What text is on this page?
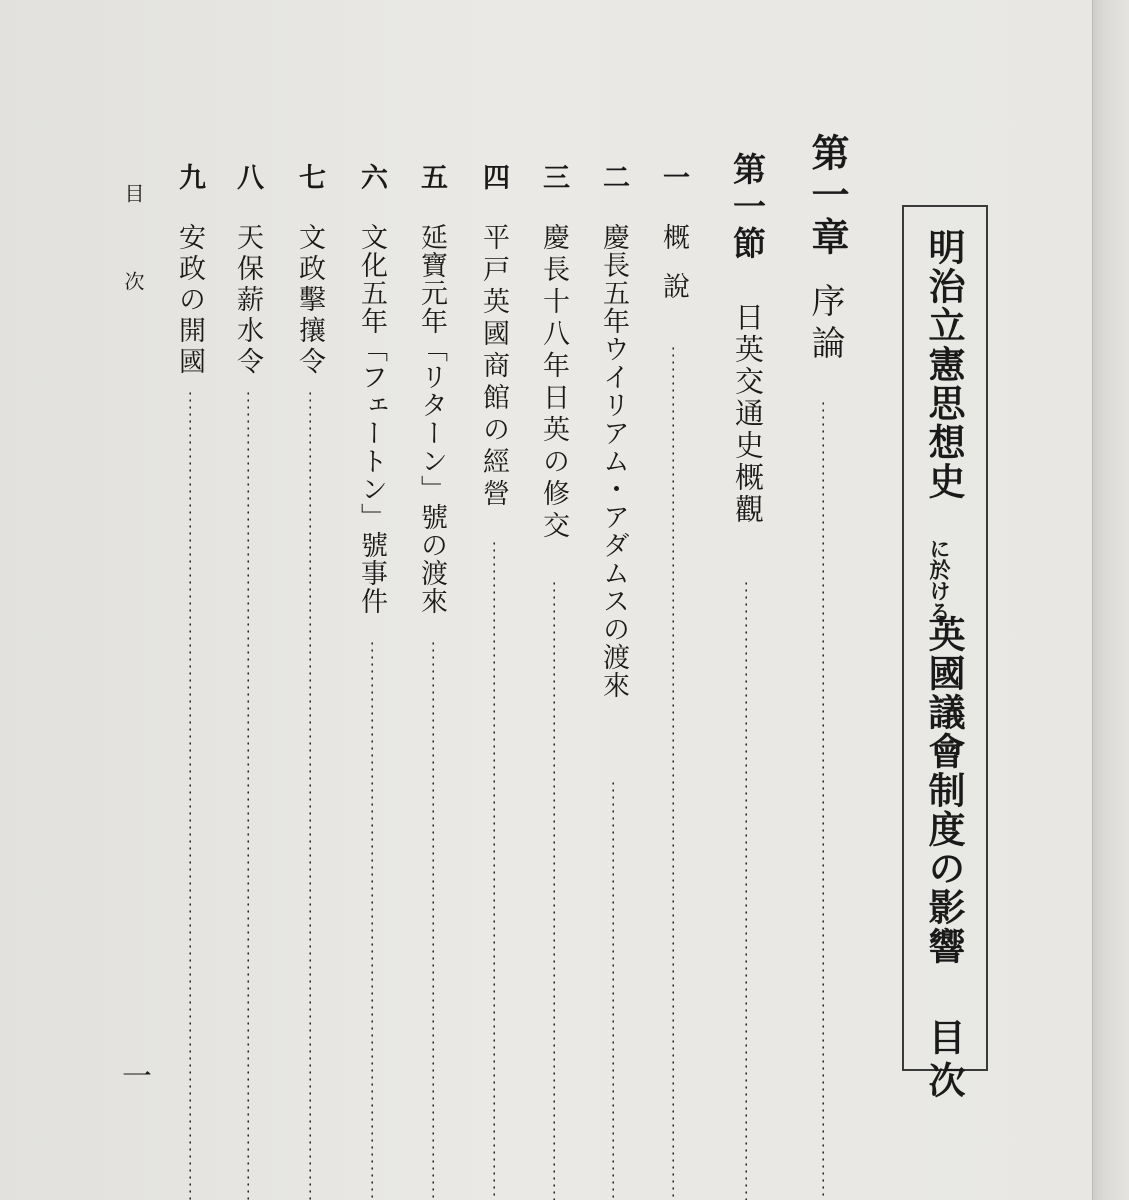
明治立憲思想史
に於ける
英國議會制度の影響
目次
第一章
序論
第一節
日英交通史概觀
一
概說
二
慶長五年ウイリアム・アダムスの渡來
三
慶長十八年日英の修交
四
平戸英國商館の經營
五
延寶元年「リターン」號の渡來
六
文化五年「フェートン」號事件
七
文政擊攘令
八
天保薪水令
九
安政の開國
目次
一
